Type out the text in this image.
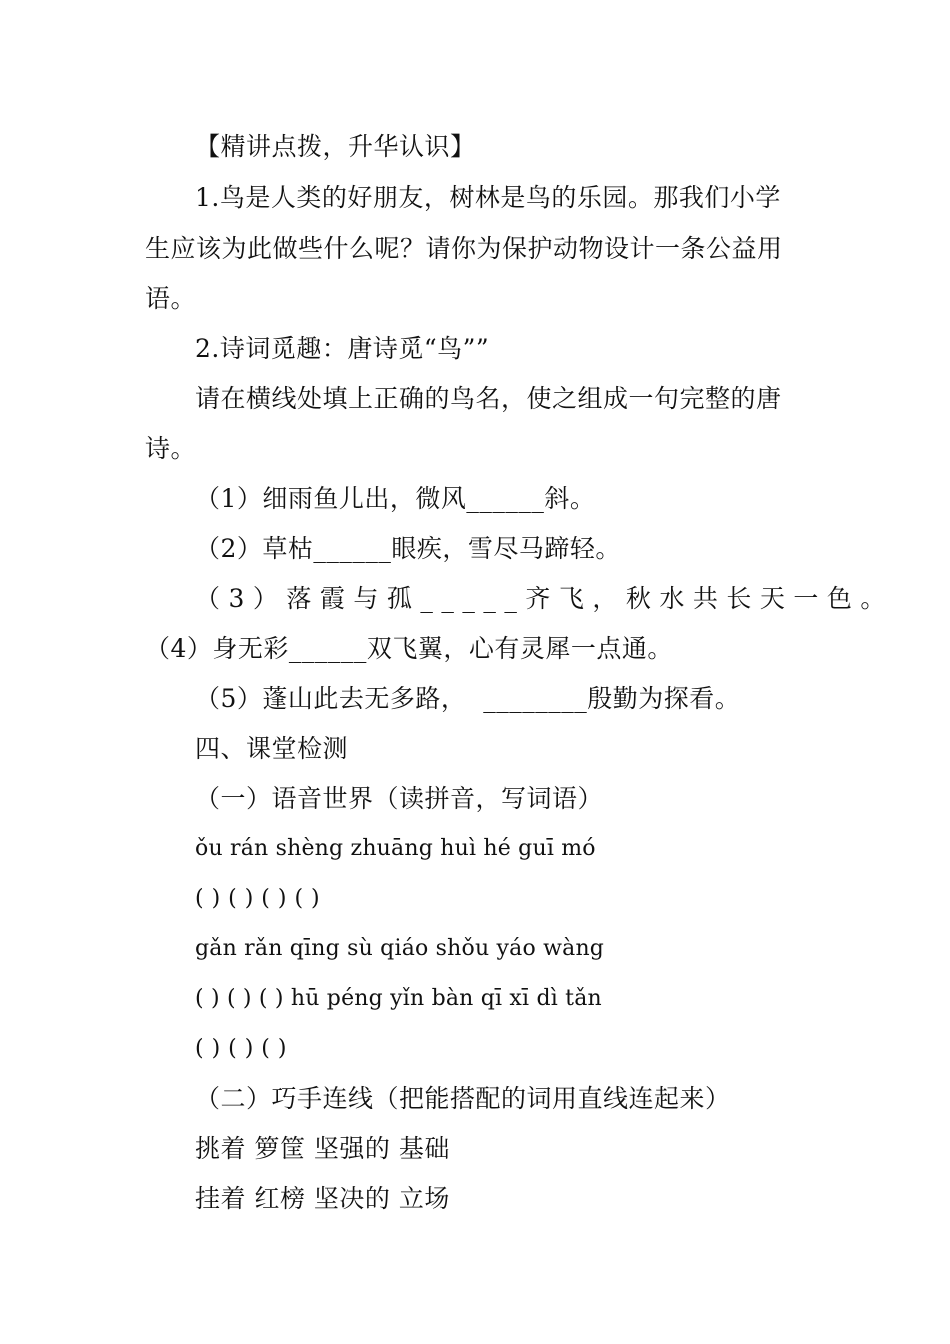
【精讲点拨，升华认识】
1.鸟是人类的好朋友，树林是鸟的乐园。那我们小学
生应该为此做些什么呢？请你为保护动物设计一条公益用
语。
2.诗词觅趣：唐诗觅“鸟””
请在横线处填上正确的鸟名，使之组成一句完整的唐
诗。
（1）细雨鱼儿出，微风______斜。
（2）草枯______眼疾，雪尽马蹄轻。
（3）落霞与孤_____齐飞，秋水共长天一色。
（4）身无彩______双飞翼，心有灵犀一点通。
（5）蓬山此去无多路，  ________殷勤为探看。
四、课堂检测
（一）语音世界（读拼音，写词语）
ǒu rán shèng zhuāng huì hé guī mó
( ) ( ) ( ) ( )
gǎn rǎn qīng sù qiáo shǒu yáo wàng
( ) ( ) ( ) hū péng yǐn bàn qī xī dì tǎn
( ) ( ) ( )
（二）巧手连线（把能搭配的词用直线连起来）
挑着 箩筐 坚强的 基础
挂着 红榜 坚决的 立场
